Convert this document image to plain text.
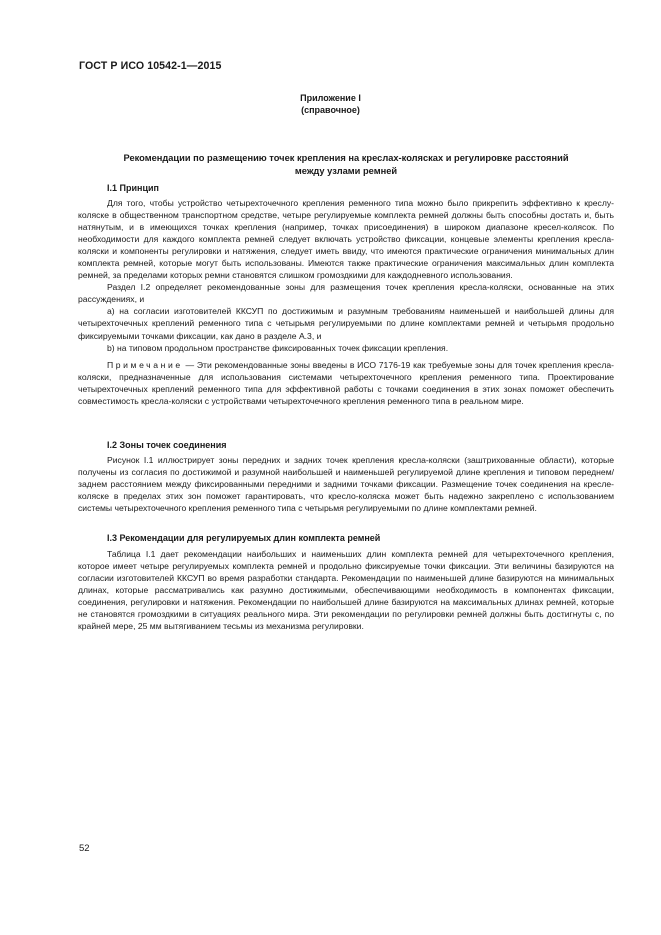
ГОСТ Р ИСО 10542-1—2015
Приложение I
(справочное)
Рекомендации по размещению точек крепления на креслах-колясках и регулировке расстояний
между узлами ремней
I.1 Принцип

Для того, чтобы устройство четырехточечного крепления ременного типа можно было прикрепить эффективно к креслу-коляске в общественном транспортном средстве, четыре регулируемые комплекта ремней должны быть способны достать и, быть натянутым, и в имеющихся точках крепления (например, точках присоединения) в широком диапазоне кресел-колясок. По необходимости для каждого комплекта ремней следует включать устройство фиксации, концевые элементы крепления кресла-коляски и компоненты регулировки и натяжения, следует иметь ввиду, что имеются практические ограничения минимальных длин комплекта ремней, которые могут быть использованы. Имеются также практические ограничения максимальных длин комплекта ремней, за пределами которых ремни становятся слишком громоздкими для каждодневного использования.

Раздел I.2 определяет рекомендованные зоны для размещения точек крепления кресла-коляски, основанные на этих рассуждениях, и

a) на согласии изготовителей ККСУП по достижимым и разумным требованиям наименьшей и наибольшей длины для четырехточечных креплений ременного типа с четырьмя регулируемыми по длине комплектами ремней и четырьмя продольно фиксируемыми точками фиксации, как дано в разделе А.3, и

b) на типовом продольном пространстве фиксированных точек фиксации крепления.

Примечание — Эти рекомендованные зоны введены в ИСО 7176-19 как требуемые зоны для точек крепления кресла-коляски, предназначенные для использования системами четырехточечного крепления ременного типа. Проектирование четырехточечных креплений ременного типа для эффективной работы с точками соединения в этих зонах поможет обеспечить совместимость кресла-коляски с устройствами четырехточечного крепления ременного типа в реальном мире.

I.2 Зоны точек соединения

Рисунок I.1 иллюстрирует зоны передних и задних точек крепления кресла-коляски (заштрихованные области), которые получены из согласия по достижимой и разумной наибольшей и наименьшей регулируемой длине крепления и типовом переднем/заднем расстоянием между фиксированными передними и задними точками фиксации. Размещение точек соединения на кресле-коляске в пределах этих зон поможет гарантировать, что кресло-коляска может быть надежно закреплено с использованием системы четырехточечного крепления ременного типа с четырьмя регулируемыми по длине комплектами ремней.

I.3 Рекомендации для регулируемых длин комплекта ремней

Таблица I.1 дает рекомендации наибольших и наименьших длин комплекта ремней для четырехточечного крепления, которое имеет четыре регулируемых комплекта ремней и продольно фиксируемые точки фиксации. Эти величины базируются на согласии изготовителей ККСУП во время разработки стандарта. Рекомендации по наименьшей длине базируются на минимальных длинах, которые рассматривались как разумно достижимыми, обеспечивающими необходимость в компонентах фиксации, соединения, регулировки и натяжения. Рекомендации по наибольшей длине базируются на максимальных длинах ремней, которые не становятся громоздкими в ситуациях реального мира. Эти рекомендации по регулировки ремней должны быть достигнуты с, по крайней мере, 25 мм вытягиванием тесьмы из механизма регулировки.

52
